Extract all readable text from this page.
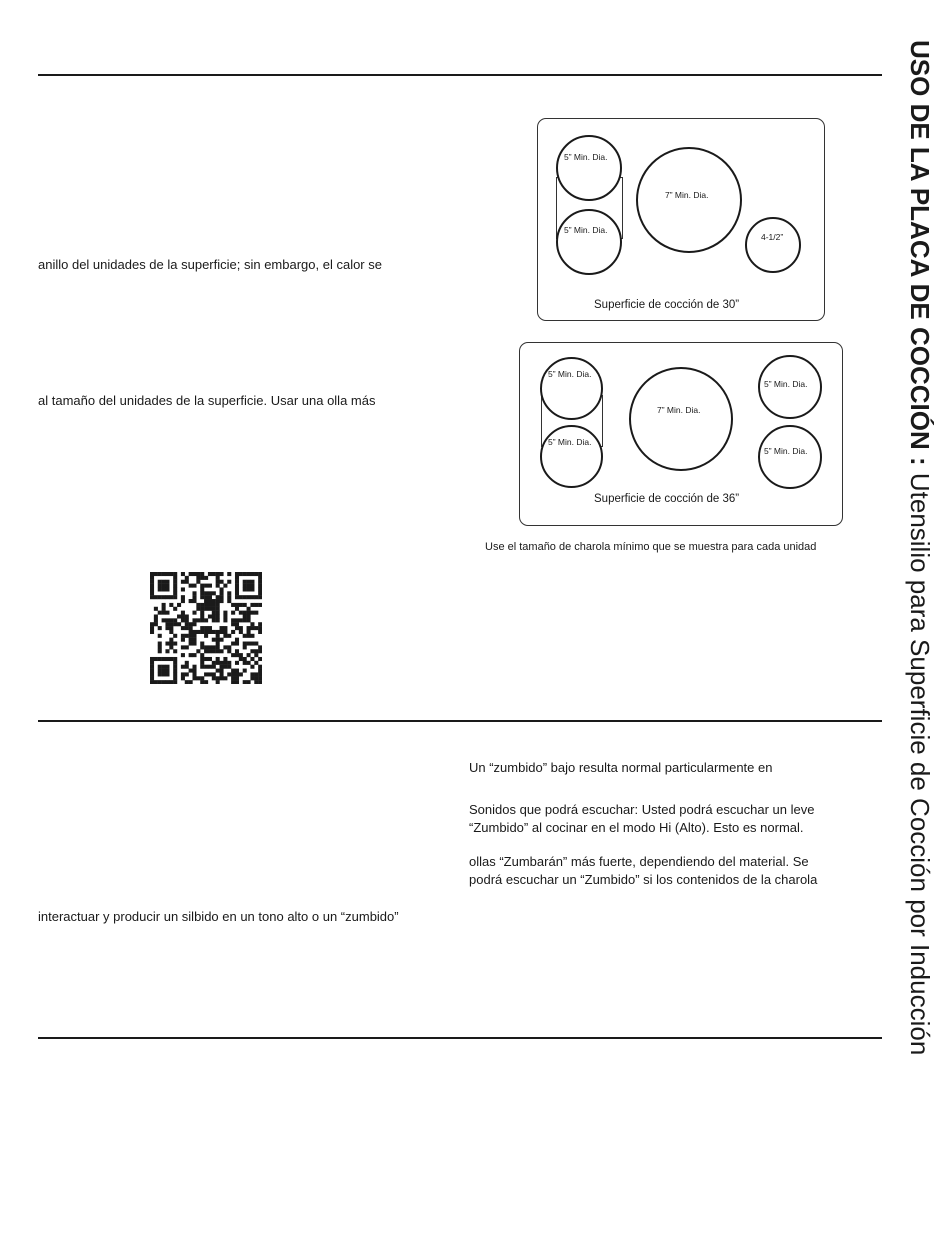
USO DE LA PLACA DE COCCIÓN : Utensilio para Superficie de Cocción por Inducción
anillo del unidades de la superficie; sin embargo, el calor se
al tamaño del unidades de la superficie. Usar una olla más
interactuar y producir un silbido en un tono alto o un “zumbido”
Un “zumbido” bajo resulta normal particularmente en
Sonidos que podrá escuchar: Usted podrá escuchar un leve
“Zumbido” al cocinar en el modo Hi (Alto). Esto es normal.
ollas “Zumbarán” más fuerte, dependiendo del material. Se
podrá escuchar un “Zumbido” si los contenidos de la charola
5” Min. Dia.
5” Min. Dia.
7” Min. Dia.
4-1/2”
Superficie de cocción de 30”
5” Min. Dia.
5” Min. Dia.
7” Min. Dia.
5” Min. Dia.
5” Min. Dia.
Superficie de cocción de 36”
Use el tamaño de charola mínimo que se muestra para cada unidad
